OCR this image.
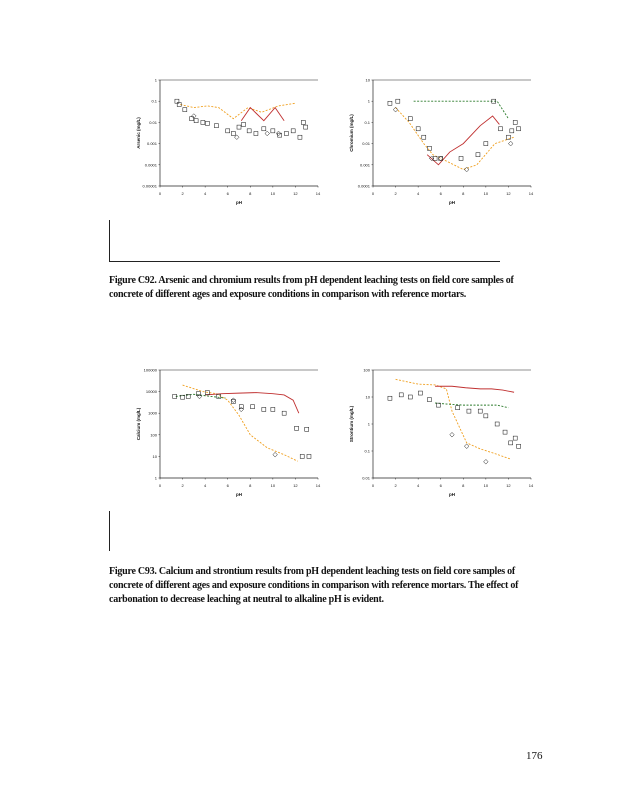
1
0.1
0.01
0.001
0.0001
0.00001
0	2	4	6	8	10	12	14
pH
Arsenic (mg/L)
10
1
0.1
0.01
0.001
0.0001
0	2	4	6	8	10	12	14
pH
Chromium (mg/L)
Figure C92. Arsenic and chromium results from pH dependent leaching tests on field core samples of concrete of different ages and exposure conditions in comparison with reference mortars.
100000
10000
1000
100
10
1
0	2	4	6	8	10	12	14
pH
Calcium (mg/L)
100
10
1
0.1
0.01
0	2	4	6	8	10	12	14
pH
Strontium (mg/L)
Figure C93. Calcium and strontium results from pH dependent leaching tests on field core samples of concrete of different ages and exposure conditions in comparison with reference mortars. The effect of carbonation to decrease leaching at neutral to alkaline pH is evident.
176
